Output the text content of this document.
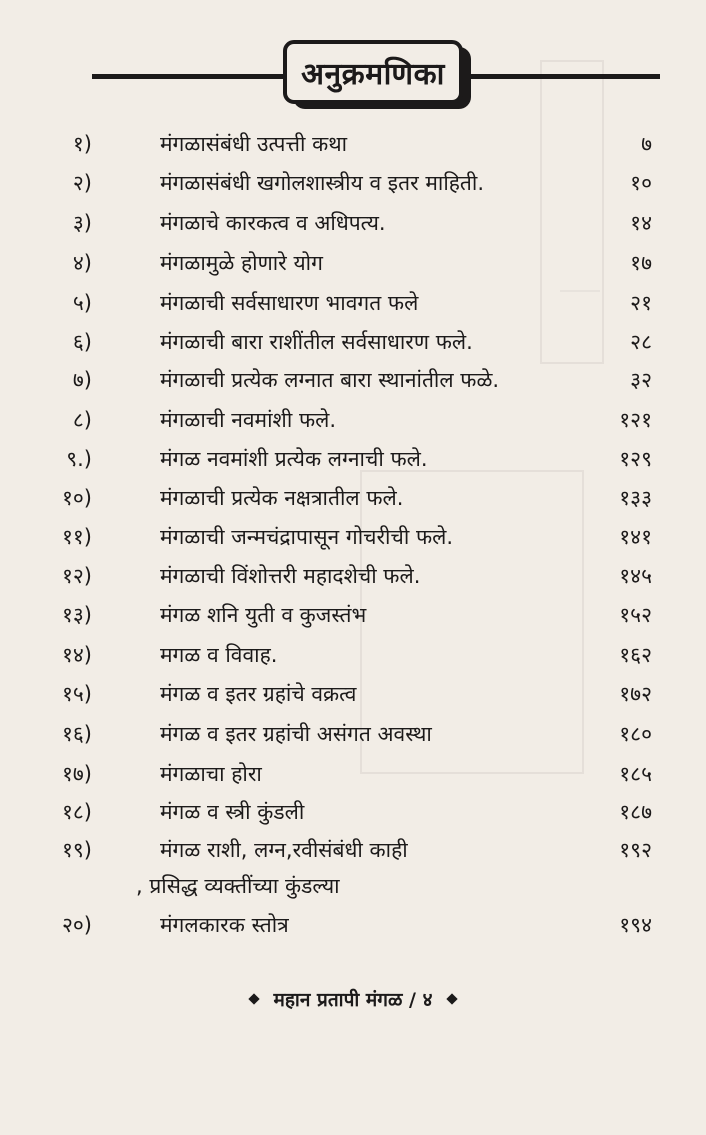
अनुक्रमणिका
१)	मंगळासंबंधी उत्पत्ती कथा	७
२)	मंगळासंबंधी खगोलशास्त्रीय व इतर माहिती.	१०
३)	मंगळाचे कारकत्व व अधिपत्य.	१४
४)	मंगळामुळे होणारे योग	१७
५)	मंगळाची सर्वसाधारण भावगत फले	२१
६)	मंगळाची बारा राशींतील सर्वसाधारण फले.	२८
७)	मंगळाची प्रत्येक लग्नात बारा स्थानांतील फळे.	३२
८)	मंगळाची नवमांशी फले.	१२१
९.)	मंगळ नवमांशी प्रत्येक लग्नाची फले.	१२९
१०)	मंगळाची प्रत्येक नक्षत्रातील फले.	१३३
११)	मंगळाची जन्मचंद्रापासून गोचरीची फले.	१४१
१२)	मंगळाची विंशोत्तरी महादशेची फले.	१४५
१३)	मंगळ शनि युती व कुजस्तंभ	१५२
१४)	मगळ व विवाह.	१६२
१५)	मंगळ व इतर ग्रहांचे वक्रत्व	१७२
१६)	मंगळ व इतर ग्रहांची असंगत अवस्था	१८०
१७)	मंगळाचा होरा	१८५
१८)	मंगळ व स्त्री कुंडली	१८७
१९)	मंगळ राशी, लग्न,रवीसंबंधी काही	१९२
, प्रसिद्ध व्यक्तींच्या कुंडल्या
२०)	मंगलकारक स्तोत्र	१९४
महान प्रतापी मंगळ / ४
